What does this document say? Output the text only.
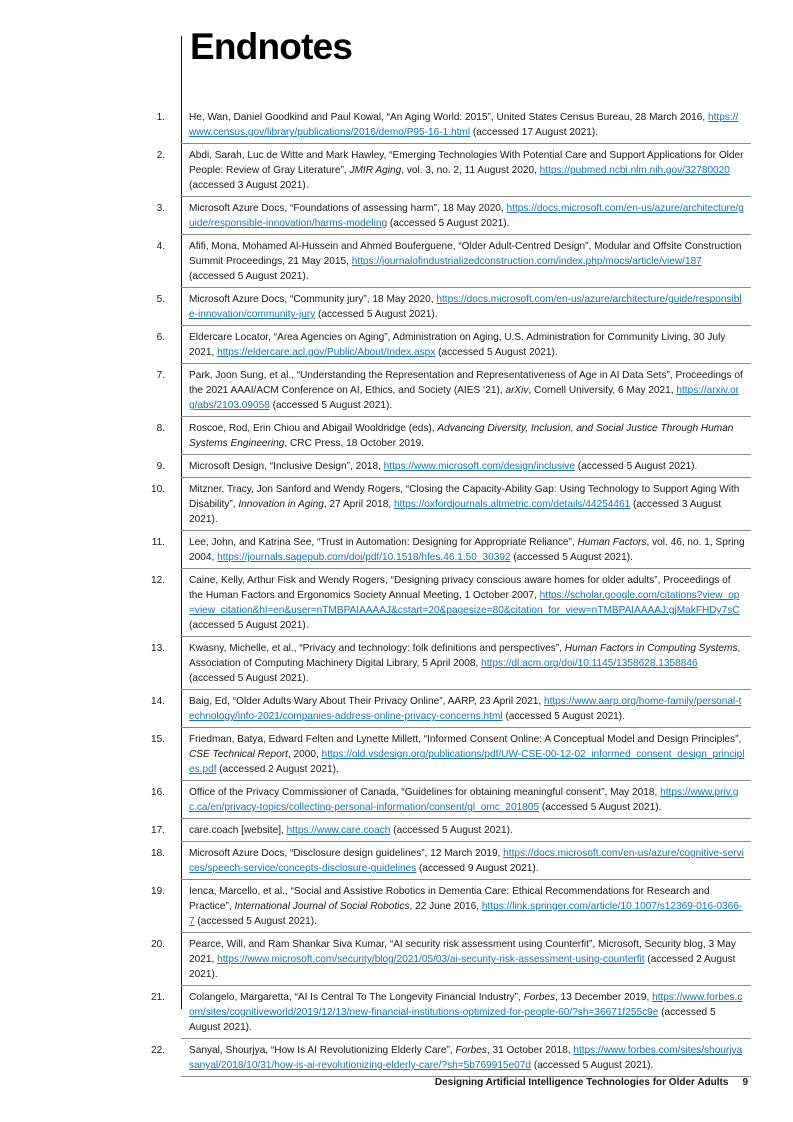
Endnotes
1. He, Wan, Daniel Goodkind and Paul Kowal, “An Aging World: 2015”, United States Census Bureau, 28 March 2016, https://www.census.gov/library/publications/2016/demo/P95-16-1.html (accessed 17 August 2021).
2. Abdi, Sarah, Luc de Witte and Mark Hawley, “Emerging Technologies With Potential Care and Support Applications for Older People: Review of Gray Literature”, JMIR Aging, vol. 3, no. 2, 11 August 2020, https://pubmed.ncbi.nlm.nih.gov/32780020 (accessed 3 August 2021).
3. Microsoft Azure Docs, “Foundations of assessing harm”, 18 May 2020, https://docs.microsoft.com/en-us/azure/architecture/guide/responsible-innovation/harms-modeling (accessed 5 August 2021).
4. Afifi, Mona, Mohamed Al-Hussein and Ahmed Bouferguene, “Older Adult-Centred Design”, Modular and Offsite Construction Summit Proceedings, 21 May 2015, https://journalofindustrializedconstruction.com/index.php/mocs/article/view/187 (accessed 5 August 2021).
5. Microsoft Azure Docs, “Community jury”, 18 May 2020, https://docs.microsoft.com/en-us/azure/architecture/guide/responsible-innovation/community-jury (accessed 5 August 2021).
6. Eldercare Locator, “Area Agencies on Aging”, Administration on Aging, U.S. Administration for Community Living, 30 July 2021, https://eldercare.acl.gov/Public/About/Index.aspx (accessed 5 August 2021).
7. Park, Joon Sung, et al., “Understanding the Representation and Representativeness of Age in AI Data Sets”, Proceedings of the 2021 AAAI/ACM Conference on AI, Ethics, and Society (AIES ‘21), arXiv, Cornell University, 6 May 2021, https://arxiv.org/abs/2103.09058 (accessed 5 August 2021).
8. Roscoe, Rod, Erin Chiou and Abigail Wooldridge (eds), Advancing Diversity, Inclusion, and Social Justice Through Human Systems Engineering, CRC Press, 18 October 2019.
9. Microsoft Design, “Inclusive Design”, 2018, https://www.microsoft.com/design/inclusive (accessed 5 August 2021).
10. Mitzner, Tracy, Jon Sanford and Wendy Rogers, “Closing the Capacity-Ability Gap: Using Technology to Support Aging With Disability”, Innovation in Aging, 27 April 2018, https://oxfordjournals.altmetric.com/details/44254461 (accessed 3 August 2021).
11. Lee, John, and Katrina See, “Trust in Automation: Designing for Appropriate Reliance”, Human Factors, vol. 46, no. 1, Spring 2004, https://journals.sagepub.com/doi/pdf/10.1518/hfes.46.1.50_30392 (accessed 5 August 2021).
12. Caine, Kelly, Arthur Fisk and Wendy Rogers, “Designing privacy conscious aware homes for older adults”, Proceedings of the Human Factors and Ergonomics Society Annual Meeting, 1 October 2007, https://scholar.google.com/citations?view_op=view_citation&hl=en&user=nTMBPAIAAAAJ&cstart=20&pagesize=80&citation_for_view=nTMBPAIAAAAJ:gjMakFHDy7sC (accessed 5 August 2021).
13. Kwasny, Michelle, et al., “Privacy and technology: folk definitions and perspectives”, Human Factors in Computing Systems, Association of Computing Machinery Digital Library, 5 April 2008, https://dl.acm.org/doi/10.1145/1358628.1358846 (accessed 5 August 2021).
14. Baig, Ed, “Older Adults Wary About Their Privacy Online”, AARP, 23 April 2021, https://www.aarp.org/home-family/personal-technology/info-2021/companies-address-online-privacy-concerns.html (accessed 5 August 2021).
15. Friedman, Batya, Edward Felten and Lynette Millett, “Informed Consent Online: A Conceptual Model and Design Principles”, CSE Technical Report, 2000, https://old.vsdesign.org/publications/pdf/UW-CSE-00-12-02_informed_consent_design_principles.pdf (accessed 2 August 2021).
16. Office of the Privacy Commissioner of Canada, “Guidelines for obtaining meaningful consent”, May 2018, https://www.priv.gc.ca/en/privacy-topics/collecting-personal-information/consent/gl_omc_201805 (accessed 5 August 2021).
17. care.coach [website], https://www.care.coach (accessed 5 August 2021).
18. Microsoft Azure Docs, “Disclosure design guidelines”, 12 March 2019, https://docs.microsoft.com/en-us/azure/cognitive-services/speech-service/concepts-disclosure-guidelines (accessed 9 August 2021).
19. Ienca, Marcello, et al., “Social and Assistive Robotics in Dementia Care: Ethical Recommendations for Research and Practice”, International Journal of Social Robotics, 22 June 2016, https://link.springer.com/article/10.1007/s12369-016-0366-7 (accessed 5 August 2021).
20. Pearce, Will, and Ram Shankar Siva Kumar, “AI security risk assessment using Counterfit”, Microsoft, Security blog, 3 May 2021, https://www.microsoft.com/security/blog/2021/05/03/ai-security-risk-assessment-using-counterfit (accessed 2 August 2021).
21. Colangelo, Margaretta, “AI Is Central To The Longevity Financial Industry”, Forbes, 13 December 2019, https://www.forbes.com/sites/cognitiveworld/2019/12/13/new-financial-institutions-optimized-for-people-60/?sh=36671f255c9e (accessed 5 August 2021).
22. Sanyal, Shourjya, “How Is AI Revolutionizing Elderly Care”, Forbes, 31 October 2018, https://www.forbes.com/sites/shourjyasanyal/2018/10/31/how-is-ai-revolutionizing-elderly-care/?sh=5b769915e07d (accessed 5 August 2021).
Designing Artificial Intelligence Technologies for Older Adults 9
